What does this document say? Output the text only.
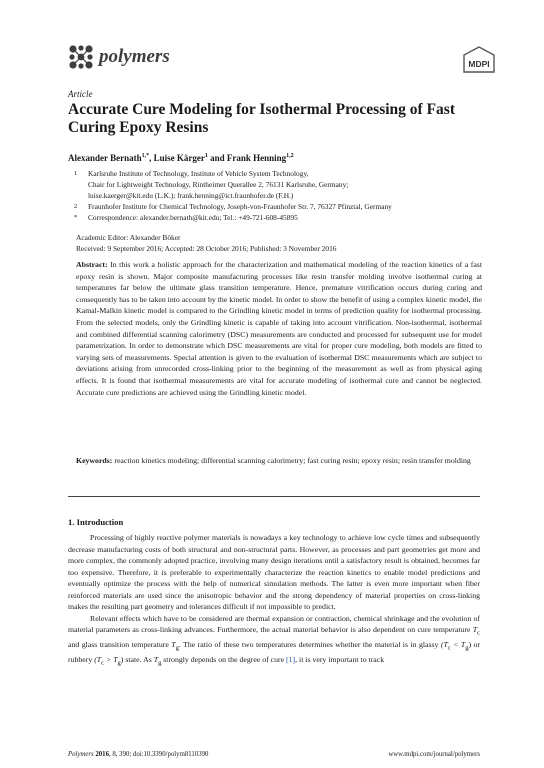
polymers	MDPI
Article
Accurate Cure Modeling for Isothermal Processing of Fast Curing Epoxy Resins
Alexander Bernath$^{1,*}$, Luise Kärger$^1$ and Frank Henning$^{1,2}$
1 Karlsruhe Institute of Technology, Institute of Vehicle System Technology,
Chair for Lightweight Technology, Rintheimer Querallee 2, 76131 Karlsruhe, Germany;
luise.kaerger@kit.edu (L.K.); frank.henning@ict.fraunhofer.de (F.H.)
2 Fraunhofer Institute for Chemical Technology, Joseph-von-Fraunhofer Str. 7, 76327 Pfinztal, Germany
* Correspondence: alexander.bernath@kit.edu; Tel.: +49-721-608-45895
Academic Editor: Alexander Böker
Received: 9 September 2016; Accepted: 28 October 2016; Published: 3 November 2016

Abstract: In this work a holistic approach for the characterization and mathematical modeling of the reaction kinetics of a fast epoxy resin is shown. Major composite manufacturing processes like resin transfer molding involve isothermal curing at temperatures far below the ultimate glass transition temperature. Hence, premature vitrification occurs during curing and consequently has to be taken into account by the kinetic model. In order to show the benefit of using a complex kinetic model, the Kamal-Malkin kinetic model is compared to the Grindling kinetic model in terms of prediction quality for isothermal processing. From the selected models, only the Grindling kinetic is capable of taking into account vitrification. Non-isothermal, isothermal and combined differential scanning calorimetry (DSC) measurements are conducted and processed for subsequent use for model parametrization. In order to demonstrate which DSC measurements are vital for proper cure modeling, both models are fitted to varying sets of measurements. Special attention is given to the evaluation of isothermal DSC measurements which are subject to deviations arising from unrecorded cross-linking prior to the beginning of the measurement as well as from physical aging effects. It is found that isothermal measurements are vital for accurate modeling of isothermal cure and cannot be neglected. Accurate cure predictions are achieved using the Grindling kinetic model.

Keywords: reaction kinetics modeling; differential scanning calorimetry; fast curing resin; epoxy resin; resin transfer molding

1. Introduction

Processing of highly reactive polymer materials is nowadays a key technology to achieve low cycle times and subsequently decrease manufacturing costs of both structural and non-structural parts. However, as processes and part geometries get more and more complex, the commonly adopted practice, involving many design iterations until a satisfactory result is obtained, becomes far too expensive. Therefore, it is preferable to experimentally characterize the reaction kinetics to enable model predictions and eventually optimize the process with the help of numerical simulation methods. The latter is even more important when fiber reinforced materials are used since the anisotropic behavior and the strong dependency of material properties on cross-linking makes the resulting part geometry and tolerances difficult if not impossible to predict.

Relevant effects which have to be considered are thermal expansion or contraction, chemical shrinkage and the evolution of material parameters as cross-linking advances. Furthermore, the actual material behavior is also dependent on cure temperature $T_c$ and glass transition temperature $T_g$. The ratio of these two temperatures determines whether the material is in glassy $(T_c < T_g)$ or rubbery $(T_c > T_g)$ state. As $T_g$ strongly depends on the degree of cure [1], it is very important to track

Polymers 2016, 8, 390; doi:10.3390/polym8110390	www.mdpi.com/journal/polymers
